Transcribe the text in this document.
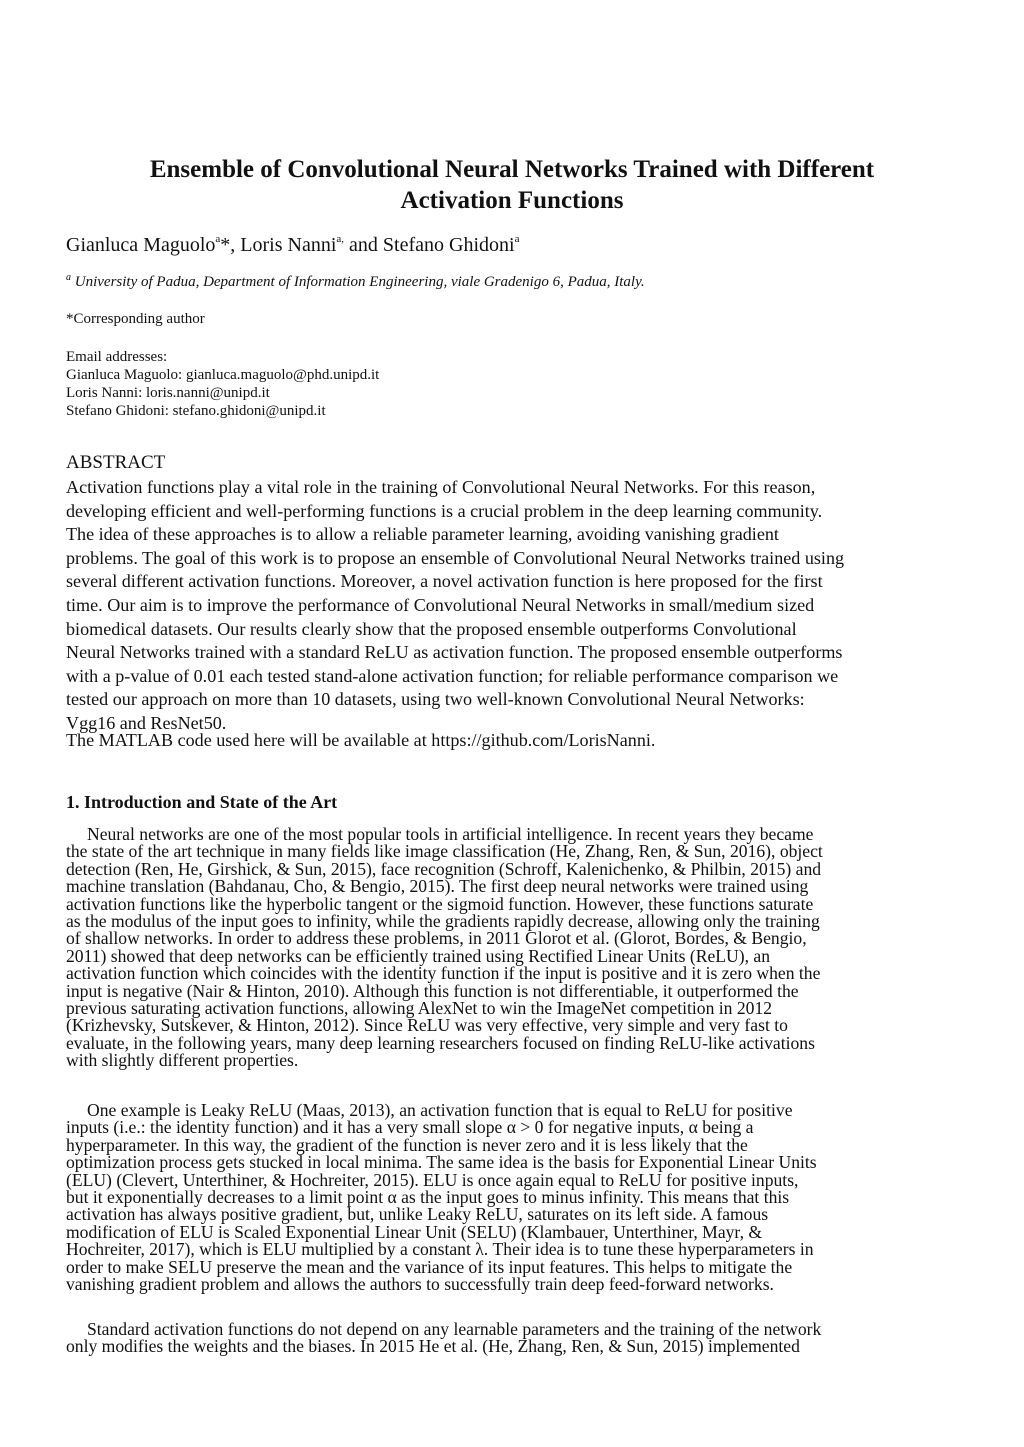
Ensemble of Convolutional Neural Networks Trained with Different
Activation Functions
Gianluca Maguolo$^a$*, Loris Nanni$^{a,}$ and Stefano Ghidoni$^a$
$^a$ University of Padua, Department of Information Engineering, viale Gradenigo 6, Padua, Italy.
*Corresponding author
Email addresses:
Gianluca Maguolo: gianluca.maguolo@phd.unipd.it
Loris Nanni: loris.nanni@unipd.it
Stefano Ghidoni: stefano.ghidoni@unipd.it
ABSTRACT
Activation functions play a vital role in the training of Convolutional Neural Networks. For this reason,
developing efficient and well-performing functions is a crucial problem in the deep learning community.
The idea of these approaches is to allow a reliable parameter learning, avoiding vanishing gradient
problems. The goal of this work is to propose an ensemble of Convolutional Neural Networks trained using
several different activation functions. Moreover, a novel activation function is here proposed for the first
time. Our aim is to improve the performance of Convolutional Neural Networks in small/medium sized
biomedical datasets. Our results clearly show that the proposed ensemble outperforms Convolutional
Neural Networks trained with a standard ReLU as activation function. The proposed ensemble outperforms
with a p-value of 0.01 each tested stand-alone activation function; for reliable performance comparison we
tested our approach on more than 10 datasets, using two well-known Convolutional Neural Networks:
Vgg16 and ResNet50.
The MATLAB code used here will be available at https://github.com/LorisNanni.
1. Introduction and State of the Art
Neural networks are one of the most popular tools in artificial intelligence. In recent years they became
the state of the art technique in many fields like image classification (He, Zhang, Ren, & Sun, 2016), object
detection (Ren, He, Girshick, & Sun, 2015), face recognition (Schroff, Kalenichenko, & Philbin, 2015) and
machine translation (Bahdanau, Cho, & Bengio, 2015). The first deep neural networks were trained using
activation functions like the hyperbolic tangent or the sigmoid function. However, these functions saturate
as the modulus of the input goes to infinity, while the gradients rapidly decrease, allowing only the training
of shallow networks. In order to address these problems, in 2011 Glorot et al. (Glorot, Bordes, & Bengio,
2011) showed that deep networks can be efficiently trained using Rectified Linear Units (ReLU), an
activation function which coincides with the identity function if the input is positive and it is zero when the
input is negative (Nair & Hinton, 2010). Although this function is not differentiable, it outperformed the
previous saturating activation functions, allowing AlexNet to win the ImageNet competition in 2012
(Krizhevsky, Sutskever, & Hinton, 2012). Since ReLU was very effective, very simple and very fast to
evaluate, in the following years, many deep learning researchers focused on finding ReLU-like activations
with slightly different properties.
One example is Leaky ReLU (Maas, 2013), an activation function that is equal to ReLU for positive
inputs (i.e.: the identity function) and it has a very small slope α > 0 for negative inputs, α being a
hyperparameter. In this way, the gradient of the function is never zero and it is less likely that the
optimization process gets stucked in local minima. The same idea is the basis for Exponential Linear Units
(ELU) (Clevert, Unterthiner, & Hochreiter, 2015). ELU is once again equal to ReLU for positive inputs,
but it exponentially decreases to a limit point α as the input goes to minus infinity. This means that this
activation has always positive gradient, but, unlike Leaky ReLU, saturates on its left side. A famous
modification of ELU is Scaled Exponential Linear Unit (SELU) (Klambauer, Unterthiner, Mayr, &
Hochreiter, 2017), which is ELU multiplied by a constant λ. Their idea is to tune these hyperparameters in
order to make SELU preserve the mean and the variance of its input features. This helps to mitigate the
vanishing gradient problem and allows the authors to successfully train deep feed-forward networks.
Standard activation functions do not depend on any learnable parameters and the training of the network
only modifies the weights and the biases. In 2015 He et al. (He, Zhang, Ren, & Sun, 2015) implemented
